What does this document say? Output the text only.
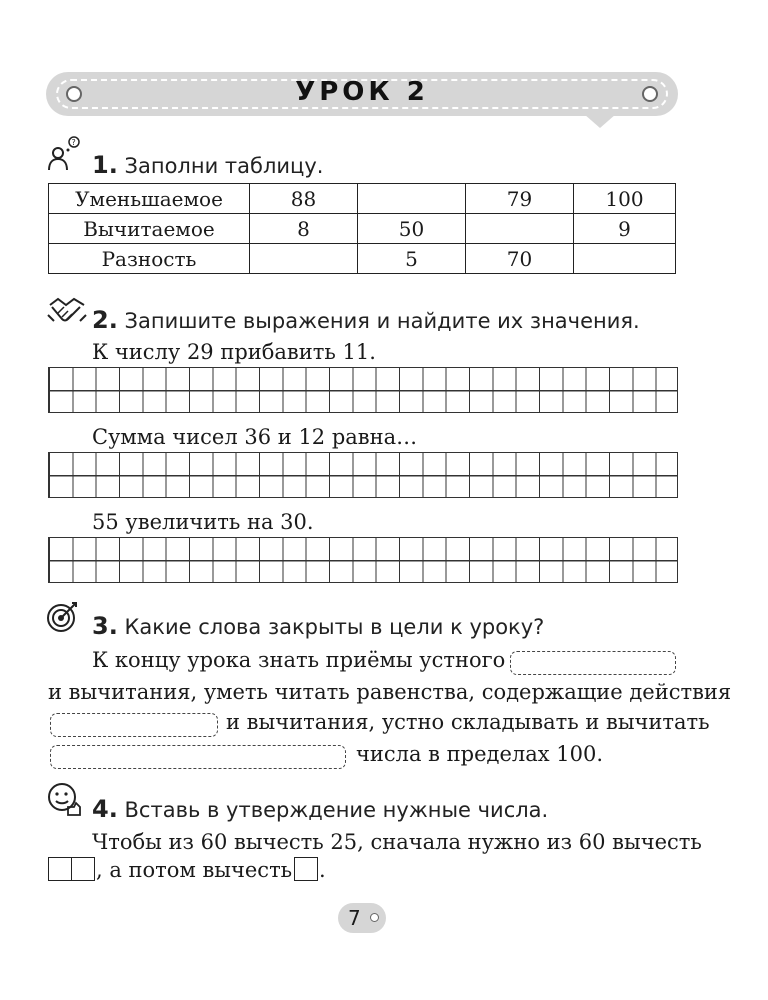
УРОК 2
?
1. Заполни таблицу.
Уменьшаемое	88		79	100
Вычитаемое	8	50		9
Разность		5	70	
2. Запишите выражения и найдите их значения.
К числу 29 прибавить 11.
Сумма чисел 36 и 12 равна…
55 увеличить на 30.
3. Какие слова закрыты в цели к уроку?
К концу урока знать приёмы устного
и вычитания, уметь читать равенства, содержащие действия
и вычитания, устно складывать и вычитать
числа в пределах 100.
4. Вставь в утверждение нужные числа.
Чтобы из 60 вычесть 25, сначала нужно из 60 вычесть
, а потом вычесть .
7
